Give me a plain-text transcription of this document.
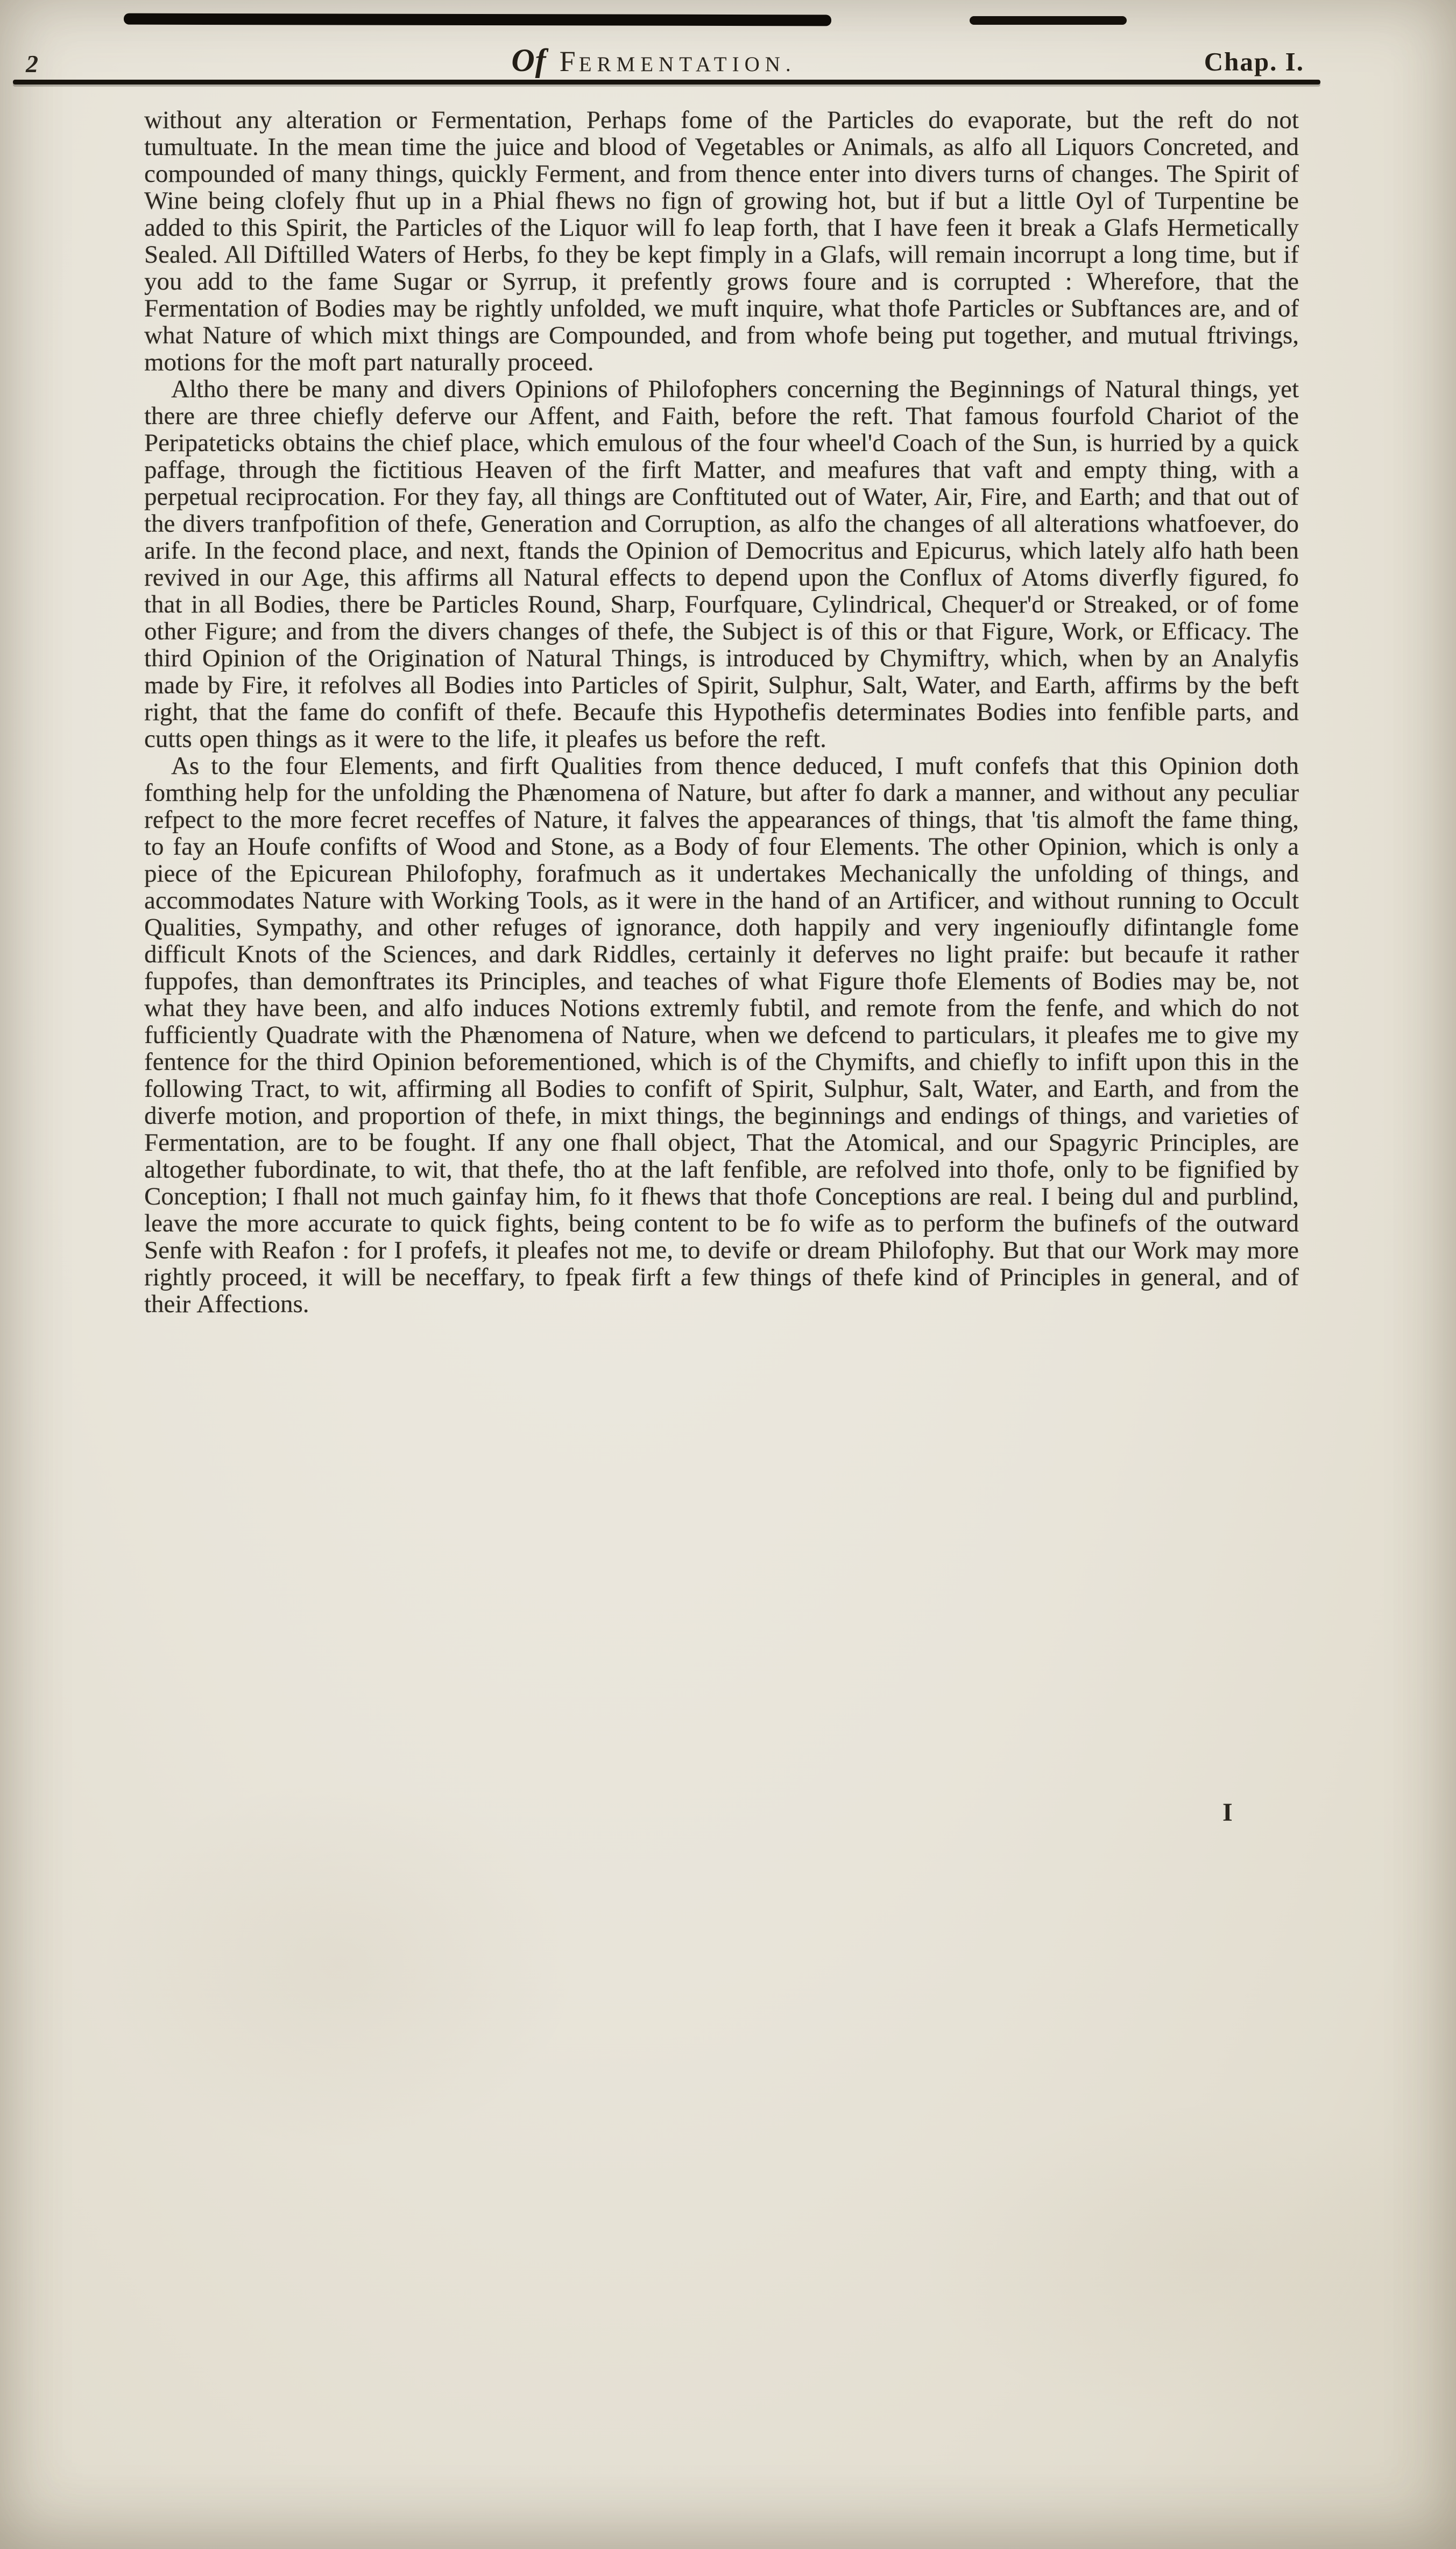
2	Of FERMENTATION.	Chap. I.

without any alteration or Fermentation, Perhaps fome of the Particles do evaporate, but the reft do not tumultuate. In the mean time the juice and blood of Vegetables or Animals, as alfo all Liquors Concreted, and compounded of many things, quickly Ferment, and from thence enter into divers turns of changes. The Spirit of Wine being clofely fhut up in a Phial fhews no fign of growing hot, but if but a little Oyl of Turpentine be added to this Spirit, the Particles of the Liquor will fo leap forth, that I have feen it break a Glafs Hermetically Sealed. All Diftilled Waters of Herbs, fo they be kept fimply in a Glafs, will remain incorrupt a long time, but if you add to the fame Sugar or Syrrup, it prefently grows foure and is corrupted : Wherefore, that the Fermentation of Bodies may be rightly unfolded, we muft inquire, what thofe Particles or Subftances are, and of what Nature of which mixt things are Compounded, and from whofe being put together, and mutual ftrivings, motions for the moft part naturally proceed.

Altho there be many and divers Opinions of Philofophers concerning the Beginnings of Natural things, yet there are three chiefly deferve our Affent, and Faith, before the reft. That famous fourfold Chariot of the Peripateticks obtains the chief place, which emulous of the four wheel'd Coach of the Sun, is hurried by a quick paffage, through the fictitious Heaven of the firft Matter, and meafures that vaft and empty thing, with a perpetual reciprocation. For they fay, all things are Conftituted out of Water, Air, Fire, and Earth; and that out of the divers tranfpofition of thefe, Generation and Corruption, as alfo the changes of all alterations whatfoever, do arife. In the fecond place, and next, ftands the Opinion of Democritus and Epicurus, which lately alfo hath been revived in our Age, this affirms all Natural effects to depend upon the Conflux of Atoms diverfly figured, fo that in all Bodies, there be Particles Round, Sharp, Fourfquare, Cylindrical, Chequer'd or Streaked, or of fome other Figure; and from the divers changes of thefe, the Subject is of this or that Figure, Work, or Efficacy. The third Opinion of the Origination of Natural Things, is introduced by Chymiftry, which, when by an Analyfis made by Fire, it refolves all Bodies into Particles of Spirit, Sulphur, Salt, Water, and Earth, affirms by the beft right, that the fame do confift of thefe. Becaufe this Hypothefis determinates Bodies into fenfible parts, and cutts open things as it were to the life, it pleafes us before the reft.

As to the four Elements, and firft Qualities from thence deduced, I muft confefs that this Opinion doth fomthing help for the unfolding the Phænomena of Nature, but after fo dark a manner, and without any peculiar refpect to the more fecret receffes of Nature, it falves the appearances of things, that 'tis almoft the fame thing, to fay an Houfe confifts of Wood and Stone, as a Body of four Elements. The other Opinion, which is only a piece of the Epicurean Philofophy, forafmuch as it undertakes Mechanically the unfolding of things, and accommodates Nature with Working Tools, as it were in the hand of an Artificer, and without running to Occult Qualities, Sympathy, and other refuges of ignorance, doth happily and very ingenioufly difintangle fome difficult Knots of the Sciences, and dark Riddles, certainly it deferves no light praife: but becaufe it rather fuppofes, than demonftrates its Principles, and teaches of what Figure thofe Elements of Bodies may be, not what they have been, and alfo induces Notions extremly fubtil, and remote from the fenfe, and which do not fufficiently Quadrate with the Phænomena of Nature, when we defcend to particulars, it pleafes me to give my fentence for the third Opinion beforementioned, which is of the Chymifts, and chiefly to infift upon this in the following Tract, to wit, affirming all Bodies to confift of Spirit, Sulphur, Salt, Water, and Earth, and from the diverfe motion, and proportion of thefe, in mixt things, the beginnings and endings of things, and varieties of Fermentation, are to be fought. If any one fhall object, That the Atomical, and our Spagyric Principles, are altogether fubordinate, to wit, that thefe, tho at the laft fenfible, are refolved into thofe, only to be fignified by Conception; I fhall not much gainfay him, fo it fhews that thofe Conceptions are real. I being dul and purblind, leave the more accurate to quick fights, being content to be fo wife as to perform the bufinefs of the outward Senfe with Reafon : for I profefs, it pleafes not me, to devife or dream Philofophy. But that our Work may more rightly proceed, it will be neceffary, to fpeak firft a few things of thefe kind of Principles in general, and of their Affections.

I
